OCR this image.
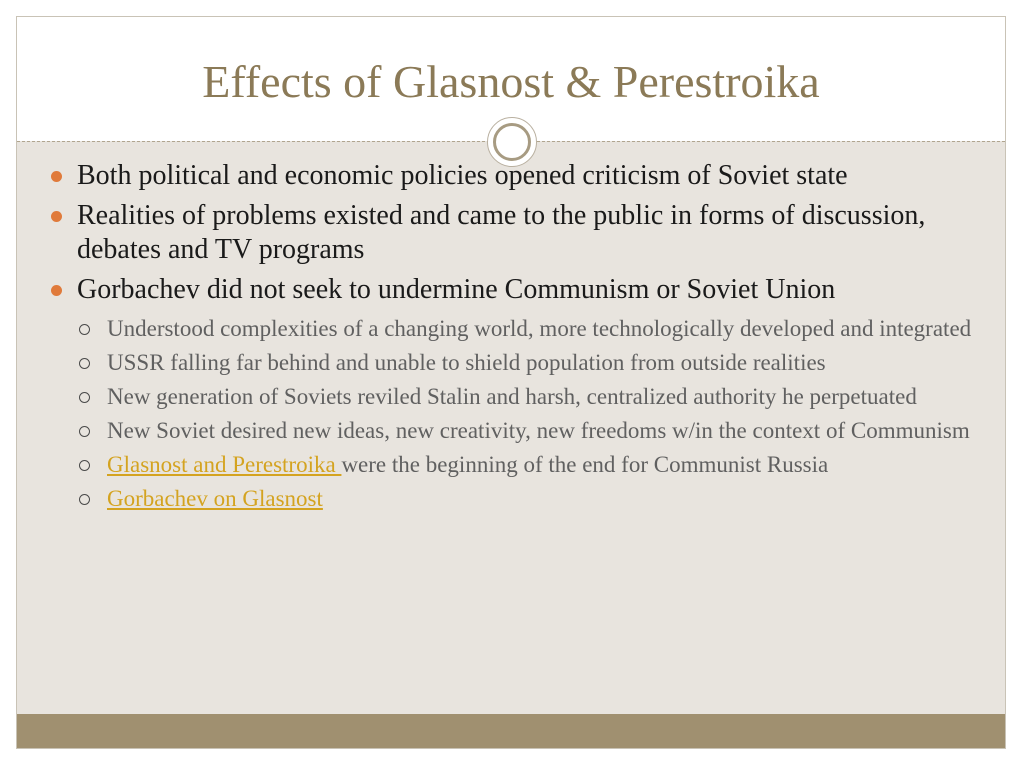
Effects of Glasnost & Perestroika
Both political and economic policies opened criticism of Soviet state
Realities of problems existed and came to the public in forms of discussion, debates and TV programs
Gorbachev did not seek to undermine Communism or Soviet Union
Understood complexities of a changing world, more technologically developed and integrated
USSR falling far behind and unable to shield population from outside realities
New generation of Soviets reviled Stalin and harsh, centralized authority he perpetuated
New Soviet desired new ideas, new creativity, new freedoms w/in the context of Communism
Glasnost and Perestroika were the beginning of the end for Communist Russia
Gorbachev on Glasnost
